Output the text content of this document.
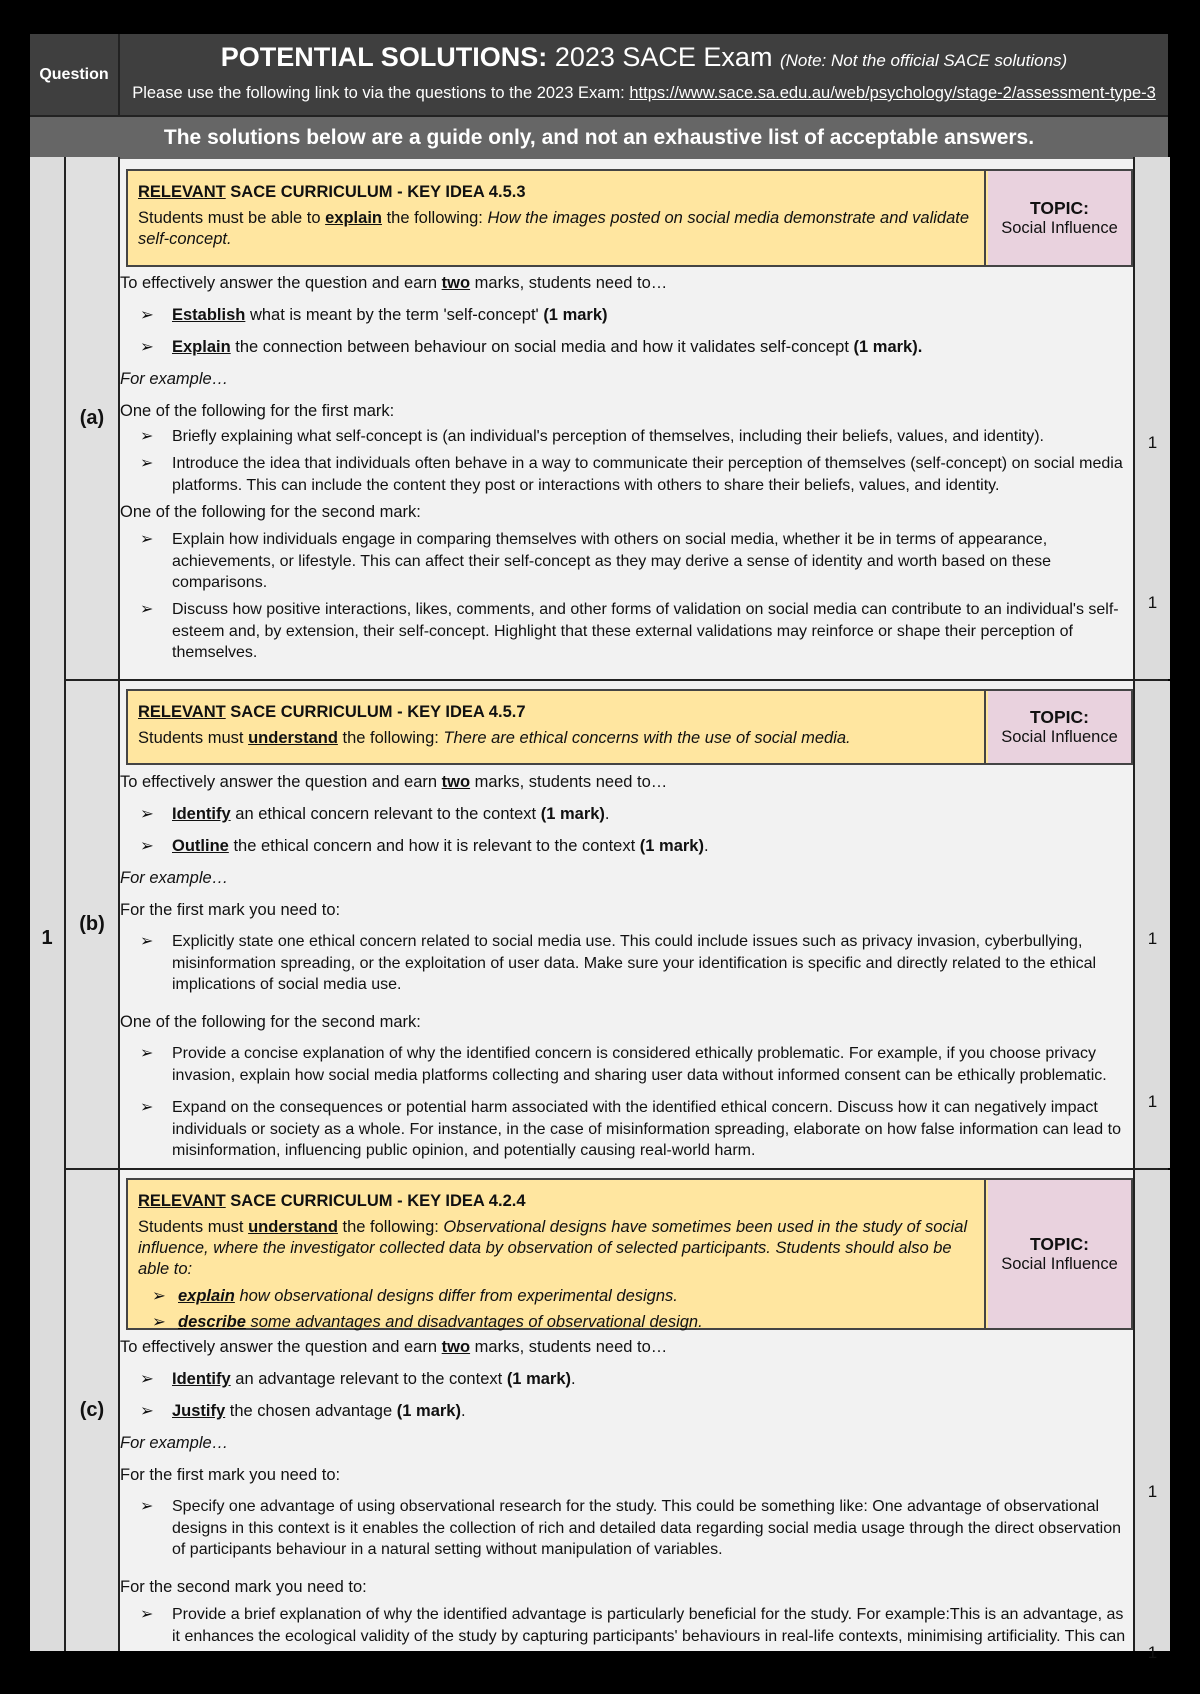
Question
POTENTIAL SOLUTIONS: 2023 SACE Exam (Note: Not the official SACE solutions)
Please use the following link to via the questions to the 2023 Exam: https://www.sace.sa.edu.au/web/psychology/stage-2/assessment-type-3
The solutions below are a guide only, and not an exhaustive list of acceptable answers.
1
(a)
(b)
(c)
1
1
1
1
1
1
RELEVANT SACE CURRICULUM - KEY IDEA 4.5.3
Students must be able to explain the following: How the images posted on social media demonstrate and validate self-concept.
TOPIC:
Social Influence
To effectively answer the question and earn two marks, students need to…
➢ Establish what is meant by the term 'self-concept' (1 mark)
➢ Explain the connection between behaviour on social media and how it validates self-concept (1 mark).
For example…
One of the following for the first mark:
➢ Briefly explaining what self-concept is (an individual's perception of themselves, including their beliefs, values, and identity).
➢ Introduce the idea that individuals often behave in a way to communicate their perception of themselves (self-concept) on social media platforms. This can include the content they post or interactions with others to share their beliefs, values, and identity.
One of the following for the second mark:
➢ Explain how individuals engage in comparing themselves with others on social media, whether it be in terms of appearance, achievements, or lifestyle. This can affect their self-concept as they may derive a sense of identity and worth based on these comparisons.
➢ Discuss how positive interactions, likes, comments, and other forms of validation on social media can contribute to an individual's self-esteem and, by extension, their self-concept. Highlight that these external validations may reinforce or shape their perception of themselves.
RELEVANT SACE CURRICULUM - KEY IDEA 4.5.7
Students must understand the following: There are ethical concerns with the use of social media.
TOPIC:
Social Influence
To effectively answer the question and earn two marks, students need to…
➢ Identify an ethical concern relevant to the context (1 mark).
➢ Outline the ethical concern and how it is relevant to the context (1 mark).
For example…
For the first mark you need to:
➢ Explicitly state one ethical concern related to social media use. This could include issues such as privacy invasion, cyberbullying, misinformation spreading, or the exploitation of user data. Make sure your identification is specific and directly related to the ethical implications of social media use.
One of the following for the second mark:
➢ Provide a concise explanation of why the identified concern is considered ethically problematic. For example, if you choose privacy invasion, explain how social media platforms collecting and sharing user data without informed consent can be ethically problematic.
➢ Expand on the consequences or potential harm associated with the identified ethical concern. Discuss how it can negatively impact individuals or society as a whole. For instance, in the case of misinformation spreading, elaborate on how false information can lead to misinformation, influencing public opinion, and potentially causing real-world harm.
RELEVANT SACE CURRICULUM - KEY IDEA 4.2.4
Students must understand the following: Observational designs have sometimes been used in the study of social influence, where the investigator collected data by observation of selected participants. Students should also be able to:
➢ explain how observational designs differ from experimental designs.
➢ describe some advantages and disadvantages of observational design.
TOPIC:
Social Influence
To effectively answer the question and earn two marks, students need to…
➢ Identify an advantage relevant to the context (1 mark).
➢ Justify the chosen advantage (1 mark).
For example…
For the first mark you need to:
➢ Specify one advantage of using observational research for the study. This could be something like: One advantage of observational designs in this context is it enables the collection of rich and detailed data regarding social media usage through the direct observation of participants behaviour in a natural setting without manipulation of variables.
For the second mark you need to:
➢ Provide a brief explanation of why the identified advantage is particularly beneficial for the study. For example:This is an advantage, as it enhances the ecological validity of the study by capturing participants' behaviours in real-life contexts, minimising artificiality. This can
